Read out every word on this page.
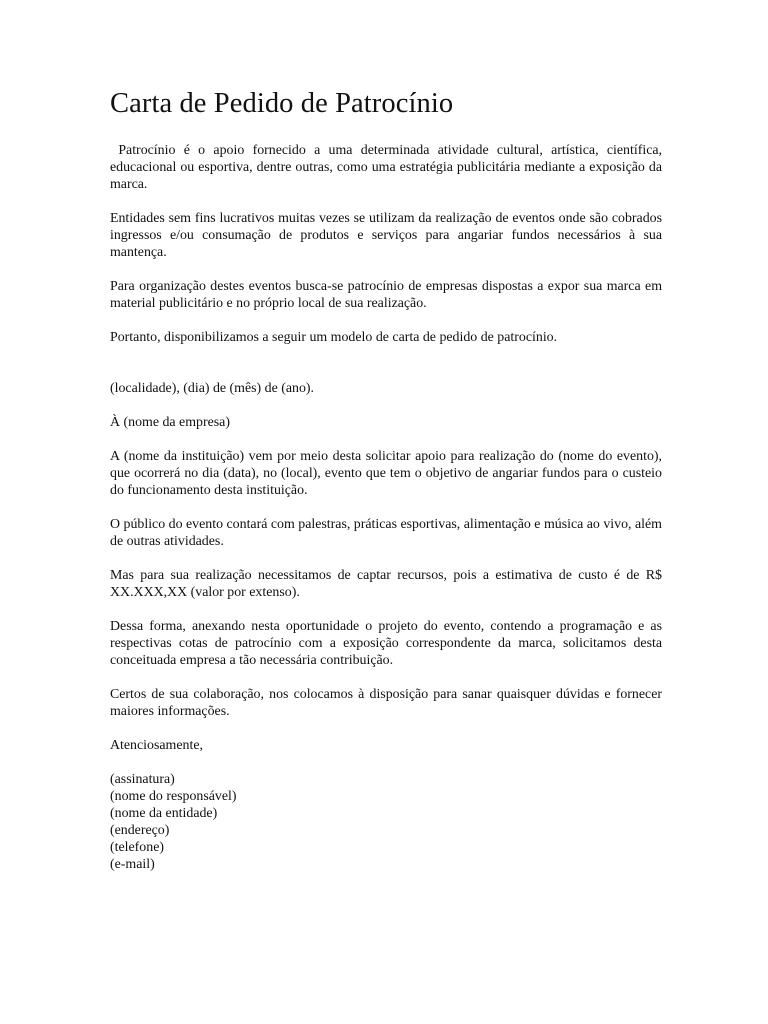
Carta de Pedido de Patrocínio

Patrocínio é o apoio fornecido a uma determinada atividade cultural, artística, científica, educacional ou esportiva, dentre outras, como uma estratégia publicitária mediante a exposição da marca.

Entidades sem fins lucrativos muitas vezes se utilizam da realização de eventos onde são cobrados ingressos e/ou consumação de produtos e serviços para angariar fundos necessários à sua mantença.

Para organização destes eventos busca-se patrocínio de empresas dispostas a expor sua marca em material publicitário e no próprio local de sua realização.

Portanto, disponibilizamos a seguir um modelo de carta de pedido de patrocínio.

(localidade), (dia) de (mês) de (ano).

À (nome da empresa)

A (nome da instituição) vem por meio desta solicitar apoio para realização do (nome do evento), que ocorrerá no dia (data), no (local), evento que tem o objetivo de angariar fundos para o custeio do funcionamento desta instituição.

O público do evento contará com palestras, práticas esportivas, alimentação e música ao vivo, além de outras atividades.

Mas para sua realização necessitamos de captar recursos, pois a estimativa de custo é de R$ XX.XXX,XX (valor por extenso).

Dessa forma, anexando nesta oportunidade o projeto do evento, contendo a programação e as respectivas cotas de patrocínio com a exposição correspondente da marca, solicitamos desta conceituada empresa a tão necessária contribuição.

Certos de sua colaboração, nos colocamos à disposição para sanar quaisquer dúvidas e fornecer maiores informações.

Atenciosamente,

(assinatura)
(nome do responsável)
(nome da entidade)
(endereço)
(telefone)
(e-mail)
